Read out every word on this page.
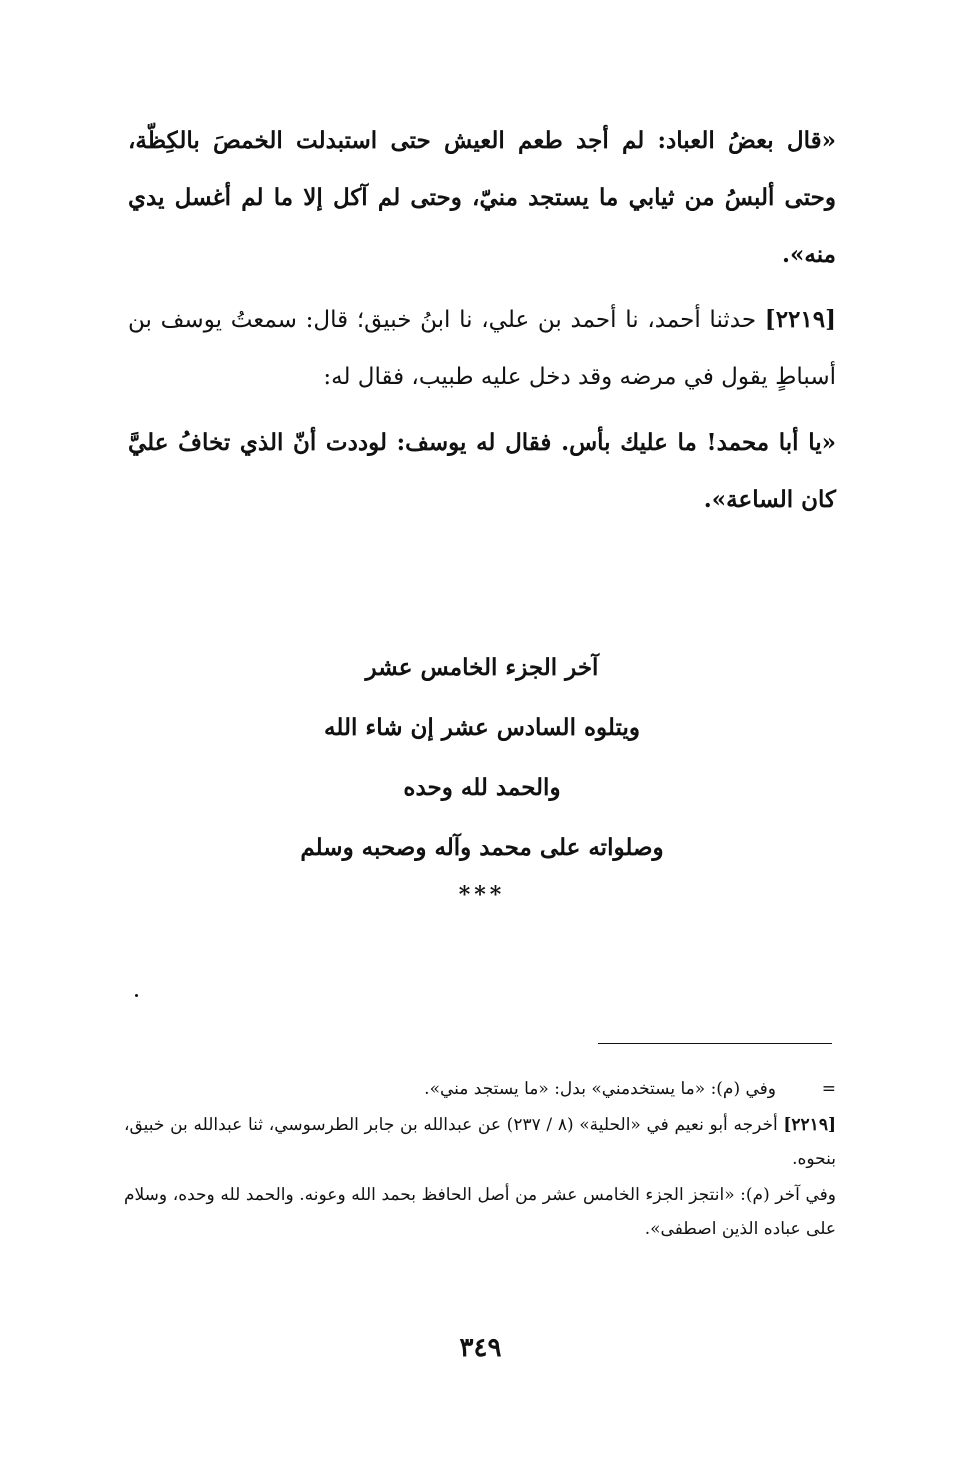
«قال بعضُ العباد: لم أجد طعم العيش حتى استبدلت الخمصَ بالكِظّة، وحتى ألبسُ من ثيابي ما يستجد منيّ، وحتى لم آكل إلا ما لم أغسل يدي منه».

[٢٢١٩] حدثنا أحمد، نا أحمد بن علي، نا ابنُ خبيق؛ قال: سمعتُ يوسف بن أسباطٍ يقول في مرضه وقد دخل عليه طبيب، فقال له:

«يا أبا محمد! ما عليك بأس. فقال له يوسف: لوددت أنّ الذي تخافُ عليَّ كان الساعة».

آخر الجزء الخامس عشر
ويتلوه السادس عشر إن شاء الله
والحمد لله وحده
وصلواته على محمد وآله وصحبه وسلم
***

=وفي (م): «ما يستخدمني» بدل: «ما يستجد مني».

[٢٢١٩] أخرجه أبو نعيم في «الحلية» (٨ / ٢٣٧) عن عبدالله بن جابر الطرسوسي، ثنا عبدالله بن خبيق، بنحوه.

وفي آخر (م): «انتجز الجزء الخامس عشر من أصل الحافظ بحمد الله وعونه. والحمد لله وحده، وسلام على عباده الذين اصطفى».

٣٤٩
